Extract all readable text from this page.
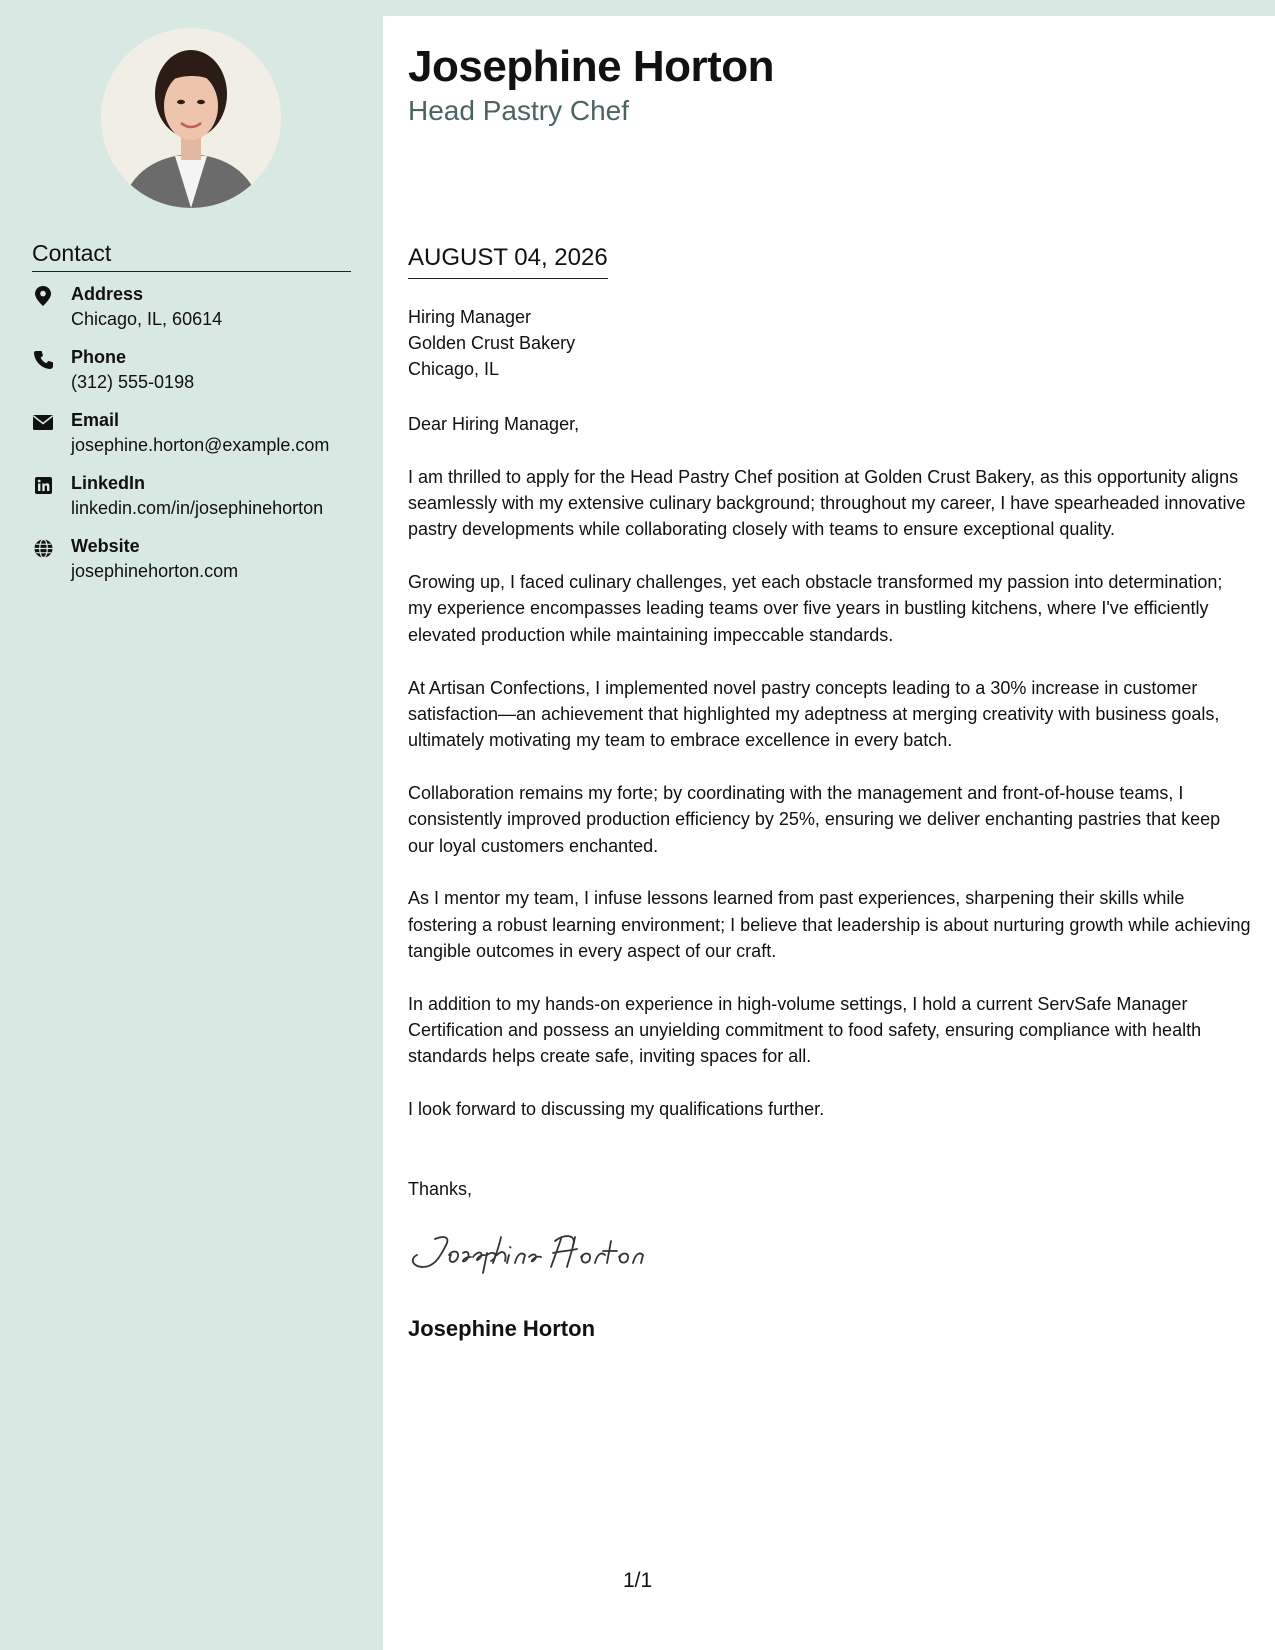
Contact
Address
Chicago, IL, 60614
Phone
(312) 555-0198
Email
josephine.horton@example.com
LinkedIn
linkedin.com/in/josephinehorton
Website
josephinehorton.com
Josephine Horton
Head Pastry Chef
AUGUST 04, 2026
Hiring Manager
Golden Crust Bakery
Chicago, IL

Dear Hiring Manager,

I am thrilled to apply for the Head Pastry Chef position at Golden Crust Bakery, as this opportunity aligns seamlessly with my extensive culinary background; throughout my career, I have spearheaded innovative pastry developments while collaborating closely with teams to ensure exceptional quality.

Growing up, I faced culinary challenges, yet each obstacle transformed my passion into determination; my experience encompasses leading teams over five years in bustling kitchens, where I've efficiently elevated production while maintaining impeccable standards.

At Artisan Confections, I implemented novel pastry concepts leading to a 30% increase in customer satisfaction—an achievement that highlighted my adeptness at merging creativity with business goals, ultimately motivating my team to embrace excellence in every batch.

Collaboration remains my forte; by coordinating with the management and front-of-house teams, I consistently improved production efficiency by 25%, ensuring we deliver enchanting pastries that keep our loyal customers enchanted.

As I mentor my team, I infuse lessons learned from past experiences, sharpening their skills while fostering a robust learning environment; I believe that leadership is about nurturing growth while achieving tangible outcomes in every aspect of our craft.

In addition to my hands-on experience in high-volume settings, I hold a current ServSafe Manager Certification and possess an unyielding commitment to food safety, ensuring compliance with health standards helps create safe, inviting spaces for all.

I look forward to discussing my qualifications further.

Thanks,
Josephine Horton
1/1
